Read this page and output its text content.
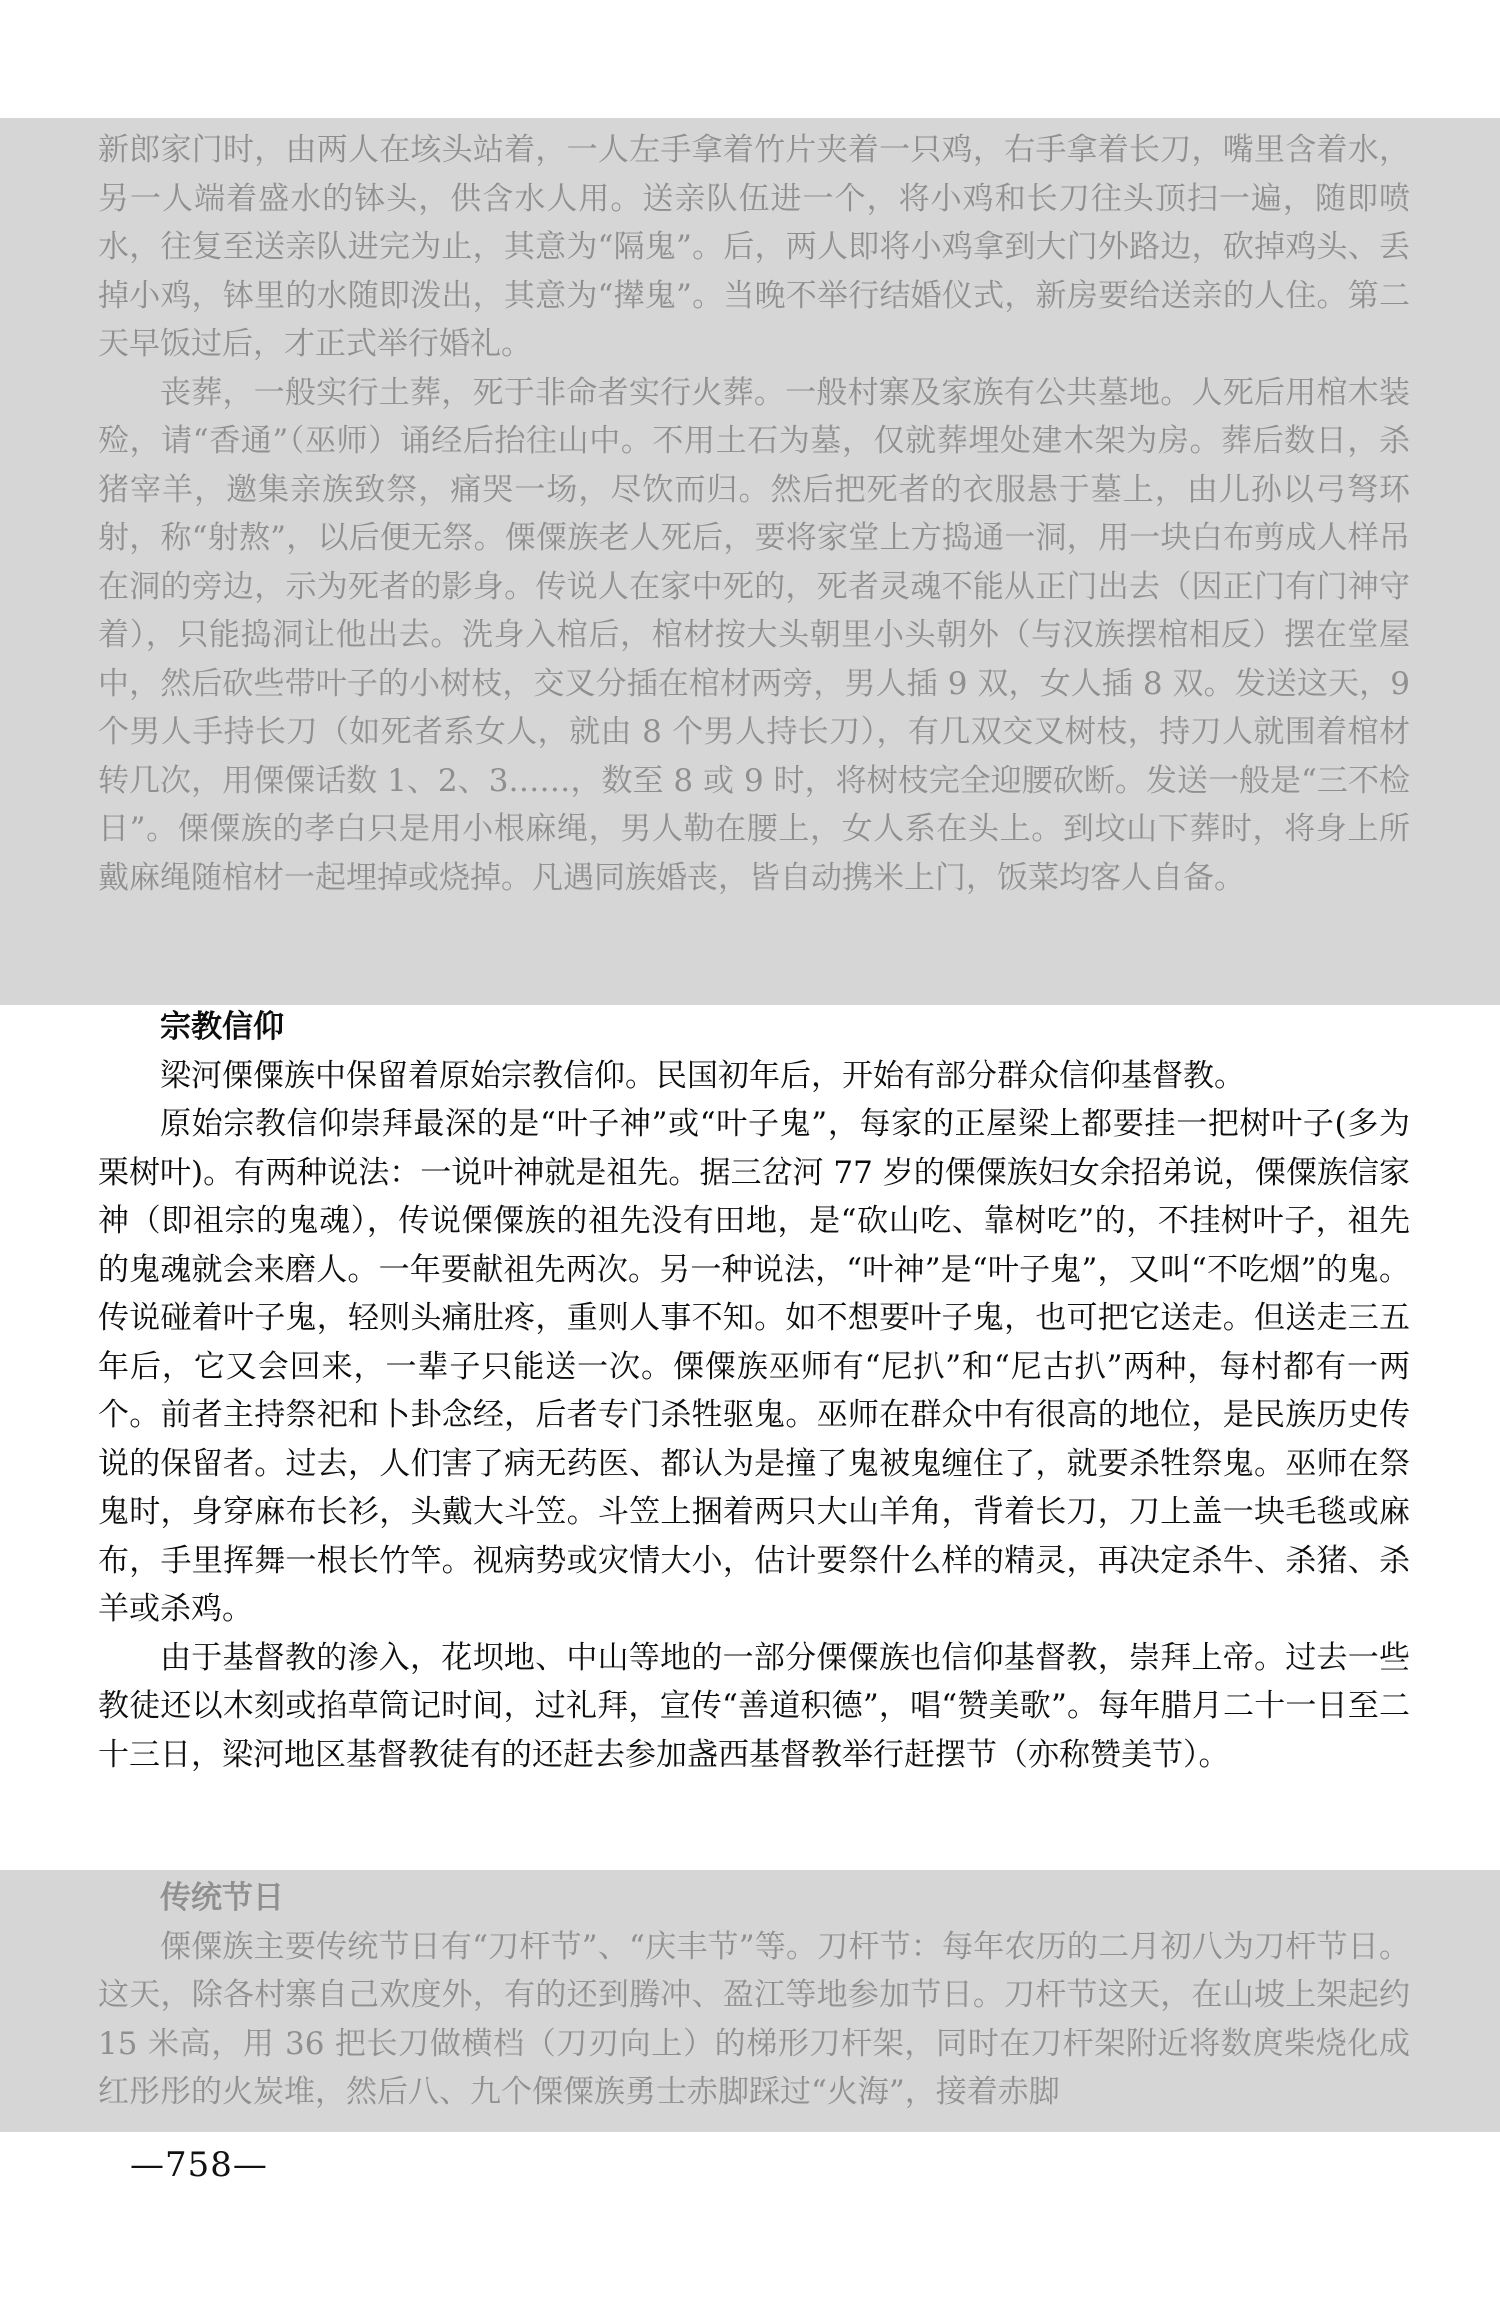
新郎家门时，由两人在垓头站着，一人左手拿着竹片夹着一只鸡，右手拿着长刀，嘴里含着水，另一人端着盛水的钵头，供含水人用。送亲队伍进一个，将小鸡和长刀往头顶扫一遍，随即喷水，往复至送亲队进完为止，其意为“隔鬼”。后，两人即将小鸡拿到大门外路边，砍掉鸡头、丢掉小鸡，钵里的水随即泼出，其意为“撵鬼”。当晚不举行结婚仪式，新房要给送亲的人住。第二天早饭过后，才正式举行婚礼。

丧葬，一般实行土葬，死于非命者实行火葬。一般村寨及家族有公共墓地。人死后用棺木装殓，请“香通”（巫师）诵经后抬往山中。不用土石为墓，仅就葬埋处建木架为房。葬后数日，杀猪宰羊，邀集亲族致祭，痛哭一场，尽饮而归。然后把死者的衣服悬于墓上，由儿孙以弓弩环射，称“射熬”，以后便无祭。傈僳族老人死后，要将家堂上方捣通一洞，用一块白布剪成人样吊在洞的旁边，示为死者的影身。传说人在家中死的，死者灵魂不能从正门出去（因正门有门神守着），只能捣洞让他出去。洗身入棺后，棺材按大头朝里小头朝外（与汉族摆棺相反）摆在堂屋中，然后砍些带叶子的小树枝，交叉分插在棺材两旁，男人插 9 双，女人插 8 双。发送这天，9 个男人手持长刀（如死者系女人，就由 8 个男人持长刀），有几双交叉树枝，持刀人就围着棺材转几次，用傈僳话数 1、2、3……，数至 8 或 9 时，将树枝完全迎腰砍断。发送一般是“三不检日”。傈僳族的孝白只是用小根麻绳，男人勒在腰上，女人系在头上。到坟山下葬时，将身上所戴麻绳随棺材一起埋掉或烧掉。凡遇同族婚丧，皆自动携米上门，饭菜均客人自备。

宗教信仰

梁河傈僳族中保留着原始宗教信仰。民国初年后，开始有部分群众信仰基督教。

原始宗教信仰崇拜最深的是“叶子神”或“叶子鬼”，每家的正屋梁上都要挂一把树叶子(多为栗树叶)。有两种说法：一说叶神就是祖先。据三岔河 77 岁的傈僳族妇女余招弟说，傈僳族信家神（即祖宗的鬼魂），传说傈僳族的祖先没有田地，是“砍山吃、靠树吃”的，不挂树叶子，祖先的鬼魂就会来磨人。一年要献祖先两次。另一种说法，“叶神”是“叶子鬼”，又叫“不吃烟”的鬼。传说碰着叶子鬼，轻则头痛肚疼，重则人事不知。如不想要叶子鬼，也可把它送走。但送走三五年后，它又会回来，一辈子只能送一次。傈僳族巫师有“尼扒”和“尼古扒”两种，每村都有一两个。前者主持祭祀和卜卦念经，后者专门杀牲驱鬼。巫师在群众中有很高的地位，是民族历史传说的保留者。过去，人们害了病无药医、都认为是撞了鬼被鬼缠住了，就要杀牲祭鬼。巫师在祭鬼时，身穿麻布长衫，头戴大斗笠。斗笠上捆着两只大山羊角，背着长刀，刀上盖一块毛毯或麻布，手里挥舞一根长竹竿。视病势或灾情大小，估计要祭什么样的精灵，再决定杀牛、杀猪、杀羊或杀鸡。

由于基督教的渗入，花坝地、中山等地的一部分傈僳族也信仰基督教，崇拜上帝。过去一些教徒还以木刻或掐草筒记时间，过礼拜，宣传“善道积德”，唱“赞美歌”。每年腊月二十一日至二十三日，梁河地区基督教徒有的还赶去参加盏西基督教举行赶摆节（亦称赞美节）。

传统节日

傈僳族主要传统节日有“刀杆节”、“庆丰节”等。刀杆节：每年农历的二月初八为刀杆节日。这天，除各村寨自己欢度外，有的还到腾冲、盈江等地参加节日。刀杆节这天，在山坡上架起约 15 米高，用 36 把长刀做横档（刀刃向上）的梯形刀杆架，同时在刀杆架附近将数庹柴烧化成红彤彤的火炭堆，然后八、九个傈僳族勇士赤脚踩过“火海”，接着赤脚

—758—
